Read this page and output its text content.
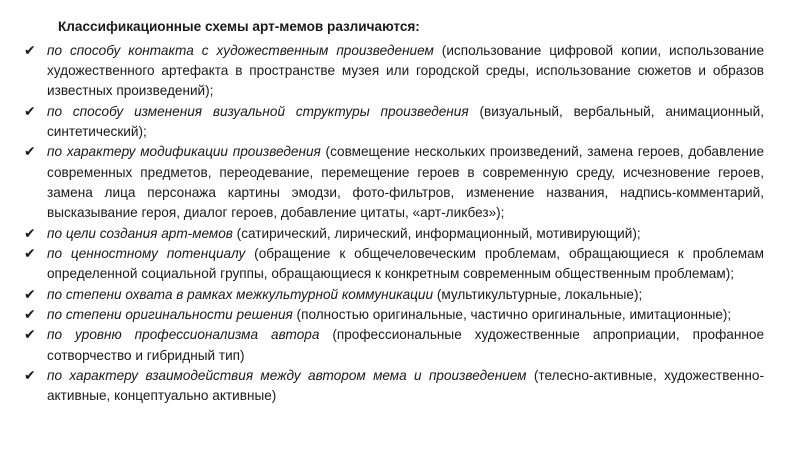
Классификационные схемы арт-мемов различаются:
✔ по способу контакта с художественным произведением (использование цифровой копии, использование художественного артефакта в пространстве музея или городской среды, использование сюжетов и образов известных произведений);
✔ по способу изменения визуальной структуры произведения (визуальный, вербальный, анимационный, синтетический);
✔ по характеру модификации произведения (совмещение нескольких произведений, замена героев, добавление современных предметов, переодевание, перемещение героев в современную среду, исчезновение героев, замена лица персонажа картины эмодзи, фото-фильтров, изменение названия, надпись-комментарий, высказывание героя, диалог героев, добавление цитаты, «арт-ликбез»);
✔ по цели создания арт-мемов (сатирический, лирический, информационный, мотивирующий);
✔ по ценностному потенциалу (обращение к общечеловеческим проблемам, обращающиеся к проблемам определенной социальной группы, обращающиеся к конкретным современным общественным проблемам);
✔ по степени охвата в рамках межкультурной коммуникации (мультикультурные, локальные);
✔ по степени оригинальности решения (полностью оригинальные, частично оригинальные, имитационные);
✔ по уровню профессионализма автора (профессиональные художественные апроприации, профанное сотворчество и гибридный тип)
✔ по характеру взаимодействия между автором мема и произведением (телесно-активные, художественно-активные, концептуально активные)
